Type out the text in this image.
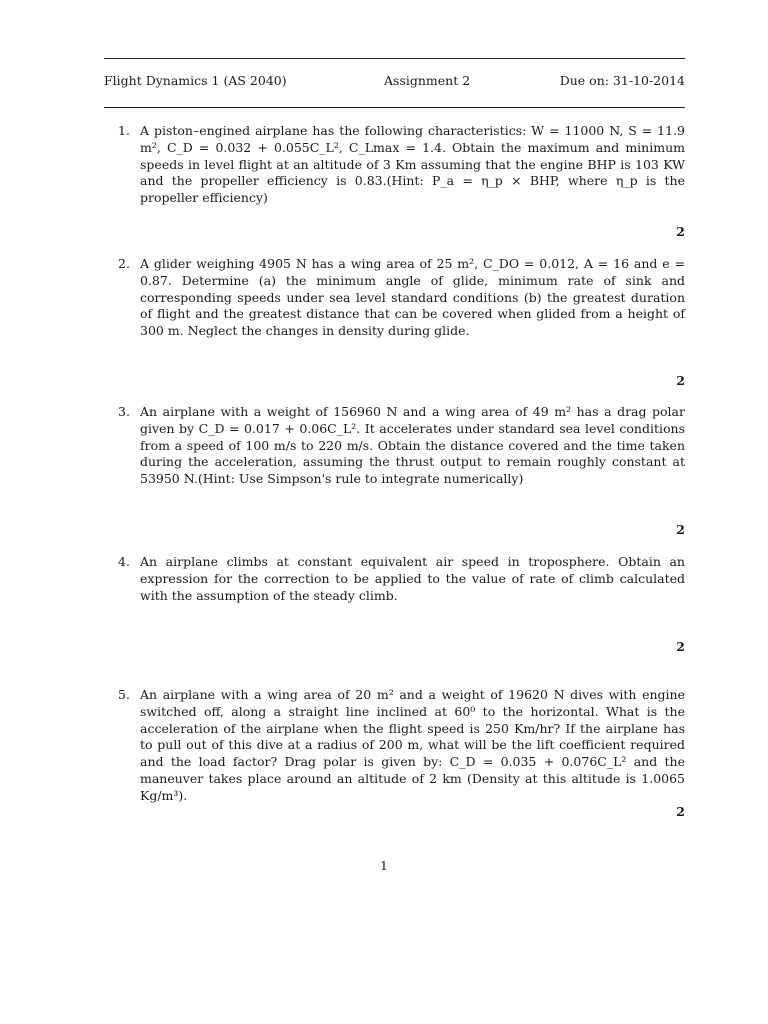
Flight Dynamics 1 (AS 2040)	Assignment 2	Due on: 31-10-2014
1. A piston–engined airplane has the following characteristics: W = 11000 N, S = 11.9 m², C_D = 0.032 + 0.055C_L², C_Lmax = 1.4. Obtain the maximum and minimum speeds in level flight at an altitude of 3 Km assuming that the engine BHP is 103 KW and the propeller efficiency is 0.83.(Hint: P_a = η_p × BHP, where η_p is the propeller efficiency)
2
2. A glider weighing 4905 N has a wing area of 25 m², C_DO = 0.012, A = 16 and e = 0.87. Determine (a) the minimum angle of glide, minimum rate of sink and corresponding speeds under sea level standard conditions (b) the greatest duration of flight and the greatest distance that can be covered when glided from a height of 300 m. Neglect the changes in density during glide.
2
3. An airplane with a weight of 156960 N and a wing area of 49 m² has a drag polar given by C_D = 0.017 + 0.06C_L². It accelerates under standard sea level conditions from a speed of 100 m/s to 220 m/s. Obtain the distance covered and the time taken during the acceleration, assuming the thrust output to remain roughly constant at 53950 N.(Hint: Use Simpson's rule to integrate numerically)
2
4. An airplane climbs at constant equivalent air speed in troposphere. Obtain an expression for the correction to be applied to the value of rate of climb calculated with the assumption of the steady climb.
2
5. An airplane with a wing area of 20 m² and a weight of 19620 N dives with engine switched off, along a straight line inclined at 60⁰ to the horizontal. What is the acceleration of the airplane when the flight speed is 250 Km/hr? If the airplane has to pull out of this dive at a radius of 200 m, what will be the lift coefficient required and the load factor? Drag polar is given by: C_D = 0.035 + 0.076C_L² and the maneuver takes place around an altitude of 2 km (Density at this altitude is 1.0065 Kg/m³).
2
1
